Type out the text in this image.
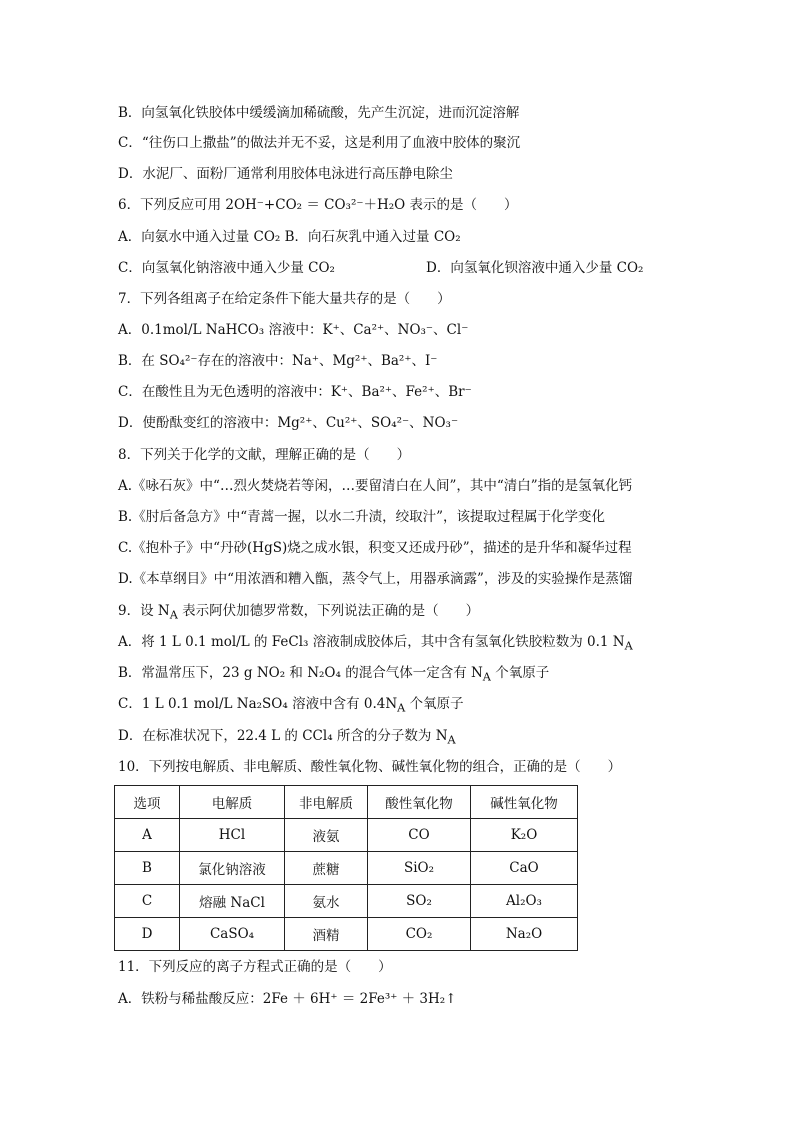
B．向氢氧化铁胶体中缓缓滴加稀硫酸，先产生沉淀，进而沉淀溶解
C．“往伤口上撒盐”的做法并无不妥，这是利用了血液中胶体的聚沉
D．水泥厂、面粉厂通常利用胶体电泳进行高压静电除尘
6．下列反应可用 2OH⁻+CO₂ ＝ CO₃²⁻＋H₂O 表示的是（　　）
A．向氨水中通入过量 CO₂ B．向石灰乳中通入过量 CO₂
C．向氢氧化钠溶液中通入少量 CO₂	D．向氢氧化钡溶液中通入少量 CO₂
7．下列各组离子在给定条件下能大量共存的是（　　）
A．0.1mol/L NaHCO₃ 溶液中：K⁺、Ca²⁺、NO₃⁻、Cl⁻
B．在 SO₄²⁻存在的溶液中：Na⁺、Mg²⁺、Ba²⁺、I⁻
C．在酸性且为无色透明的溶液中：K⁺、Ba²⁺、Fe²⁺、Br⁻
D．使酚酞变红的溶液中：Mg²⁺、Cu²⁺、SO₄²⁻、NO₃⁻
8．下列关于化学的文献，理解正确的是（　　）
A.《咏石灰》中“…烈火焚烧若等闲，…要留清白在人间”，其中“清白”指的是氢氧化钙
B.《肘后备急方》中“青蒿一握，以水二升渍，绞取汁”，该提取过程属于化学变化
C.《抱朴子》中“丹砂(HgS)烧之成水银，积变又还成丹砂”，描述的是升华和凝华过程
D.《本草纲目》中“用浓酒和糟入甑，蒸令气上，用器承滴露”，涉及的实验操作是蒸馏
9．设 $N_A$ 表示阿伏加德罗常数，下列说法正确的是（　　）
A．将 1 L 0.1 mol/L 的 FeCl₃ 溶液制成胶体后，其中含有氢氧化铁胶粒数为 0.1 $N_A$
B．常温常压下，23 g NO₂ 和 N₂O₄ 的混合气体一定含有 $N_A$ 个氧原子
C．1 L 0.1 mol/L Na₂SO₄ 溶液中含有 $0.4N_A$ 个氧原子
D．在标准状况下，22.4 L 的 CCl₄ 所含的分子数为 $N_A$
10．下列按电解质、非电解质、酸性氧化物、碱性氧化物的组合，正确的是（　　）
选项	电解质	非电解质	酸性氧化物	碱性氧化物
A	HCl	液氨	CO	K₂O
B	氯化钠溶液	蔗糖	SiO₂	CaO
C	熔融 NaCl	氨水	SO₂	Al₂O₃
D	CaSO₄	酒精	CO₂	Na₂O
11．下列反应的离子方程式正确的是（　　）
A．铁粉与稀盐酸反应：2Fe ＋ 6H⁺ ＝ 2Fe³⁺ ＋ 3H₂↑
